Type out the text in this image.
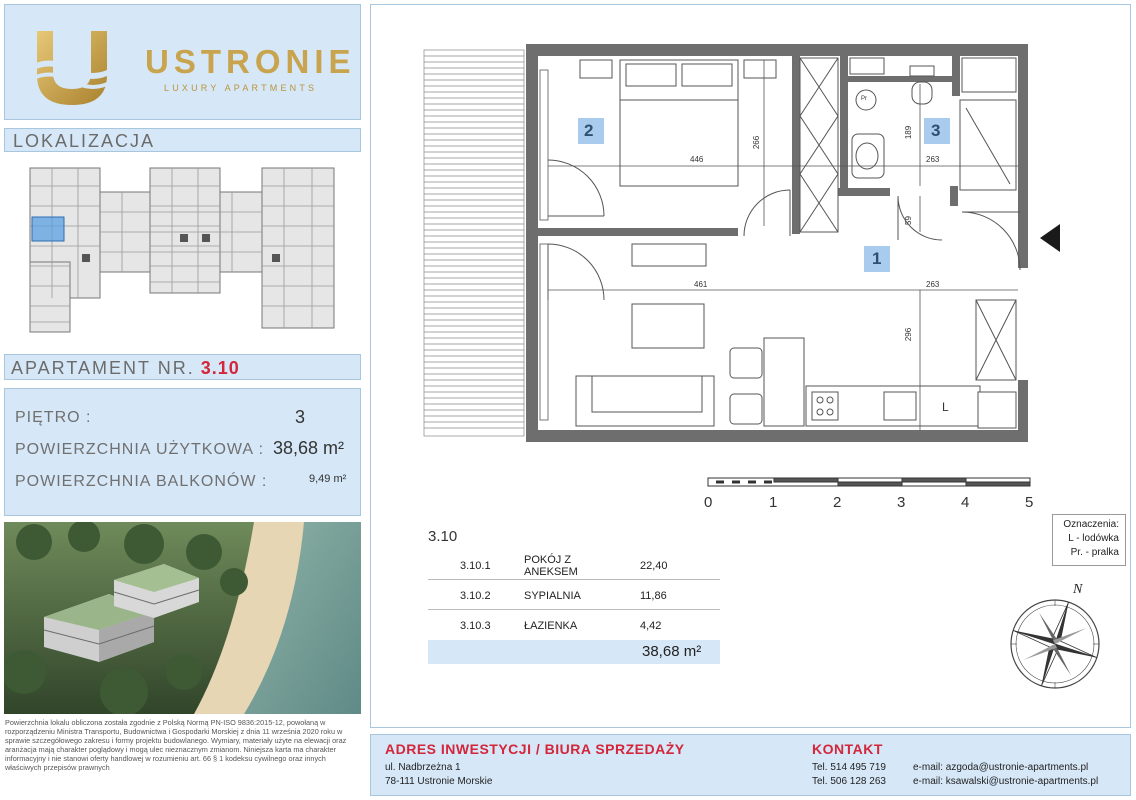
USTRONIE
LUXURY APARTMENTS
LOKALIZACJA
APARTAMENT NR. 3.10
PIĘTRO :	3
POWIERZCHNIA UŻYTKOWA : 38,68 m²
POWIERZCHNIA BALKONÓW :	9,49 m²
Powierzchnia lokalu obliczona została zgodnie z Polską Normą PN-ISO 9836:2015-12, powołaną w rozporządzeniu Ministra Transportu, Budownictwa i Gospodarki Morskiej z dnia 11 września 2020 roku w sprawie szczegółowego zakresu i formy projektu budowlanego. Wymiary, materiały użyte na elewacji oraz aranżacja mają charakter poglądowy i mogą ulec nieznacznym zmianom. Niniejsza karta ma charakter informacyjny i nie stanowi oferty handlowej w rozumieniu art. 66 § 1 kodeksu cywilnego oraz innych właściwych przepisów prawnych
2
1
3
446
266
189
263
59
461	263
296
L
Pr
0	1	2	3	4	5
3.10
3.10.1	POKÓJ Z ANEKSEM	22,40
3.10.2	SYPIALNIA	11,86
3.10.3	ŁAZIENKA	4,42
38,68 m²
Oznaczenia:
L - lodówka
Pr. - pralka
N
ADRES INWESTYCJI / BIURA SPRZEDAŻY
ul. Nadbrzeżna 1
78-111 Ustronie Morskie
KONTAKT
Tel. 514 495 719
Tel. 506 128 263
e-mail: azgoda@ustronie-apartments.pl
e-mail: ksawalski@ustronie-apartments.pl
